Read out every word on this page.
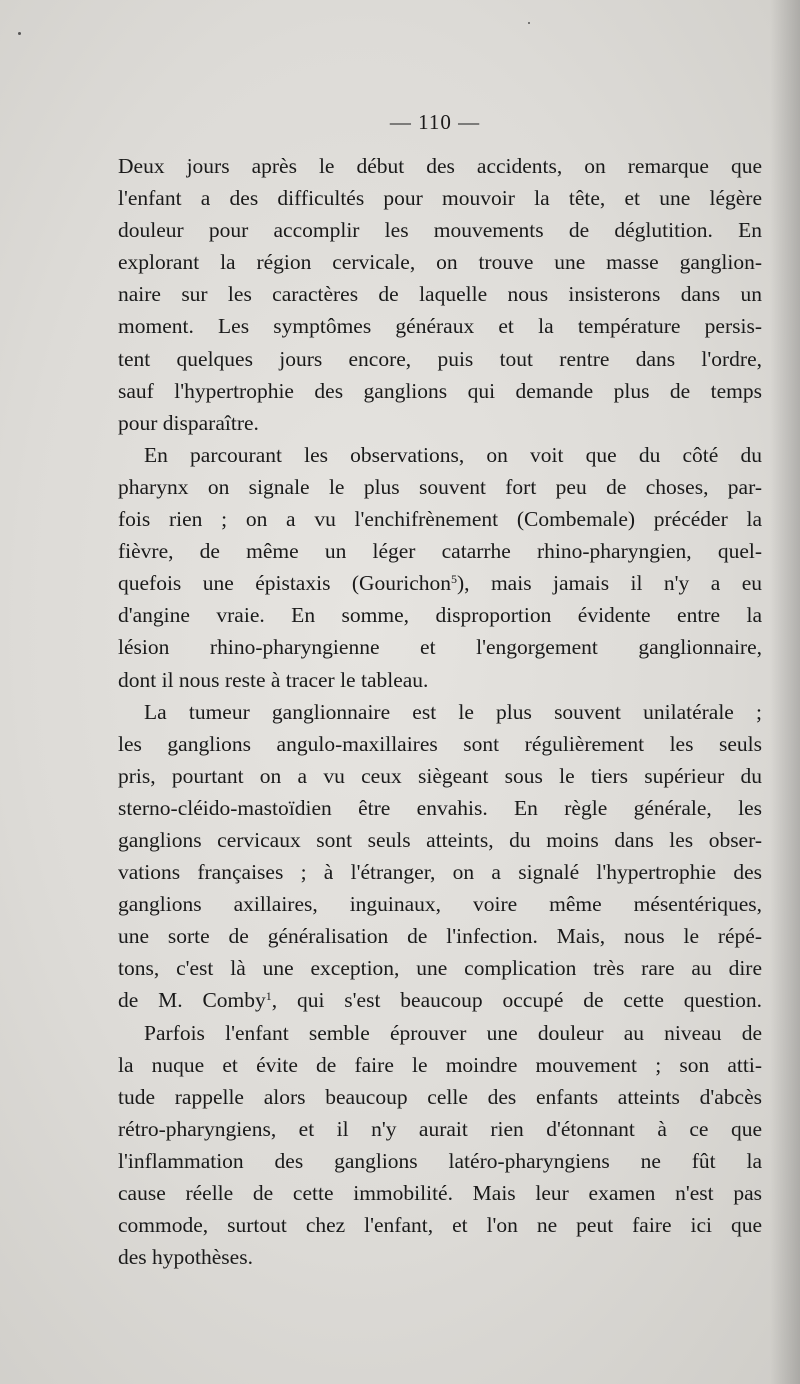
— 110 —
Deux jours après le début des accidents, on remarque que
l'enfant a des difficultés pour mouvoir la tête, et une légère
douleur pour accomplir les mouvements de déglutition. En
explorant la région cervicale, on trouve une masse ganglion-
naire sur les caractères de laquelle nous insisterons dans un
moment. Les symptômes généraux et la température persis-
tent quelques jours encore, puis tout rentre dans l'ordre,
sauf l'hypertrophie des ganglions qui demande plus de temps
pour disparaître.
En parcourant les observations, on voit que du côté du
pharynx on signale le plus souvent fort peu de choses, par-
fois rien ; on a vu l'enchifrènement (Combemale) précéder la
fièvre, de même un léger catarrhe rhino-pharyngien, quel-
quefois une épistaxis (Gourichon$^5$), mais jamais il n'y a eu
d'angine vraie. En somme, disproportion évidente entre la
lésion rhino-pharyngienne et l'engorgement ganglionnaire,
dont il nous reste à tracer le tableau.
La tumeur ganglionnaire est le plus souvent unilatérale ;
les ganglions angulo-maxillaires sont régulièrement les seuls
pris, pourtant on a vu ceux siègeant sous le tiers supérieur du
sterno-cléido-mastoïdien être envahis. En règle générale, les
ganglions cervicaux sont seuls atteints, du moins dans les obser-
vations françaises ; à l'étranger, on a signalé l'hypertrophie des
ganglions axillaires, inguinaux, voire même mésentériques,
une sorte de généralisation de l'infection. Mais, nous le répé-
tons, c'est là une exception, une complication très rare au dire
de M. Comby$^1$, qui s'est beaucoup occupé de cette question.
Parfois l'enfant semble éprouver une douleur au niveau de
la nuque et évite de faire le moindre mouvement ; son atti-
tude rappelle alors beaucoup celle des enfants atteints d'abcès
rétro-pharyngiens, et il n'y aurait rien d'étonnant à ce que
l'inflammation des ganglions latéro-pharyngiens ne fût la
cause réelle de cette immobilité. Mais leur examen n'est pas
commode, surtout chez l'enfant, et l'on ne peut faire ici que
des hypothèses.
